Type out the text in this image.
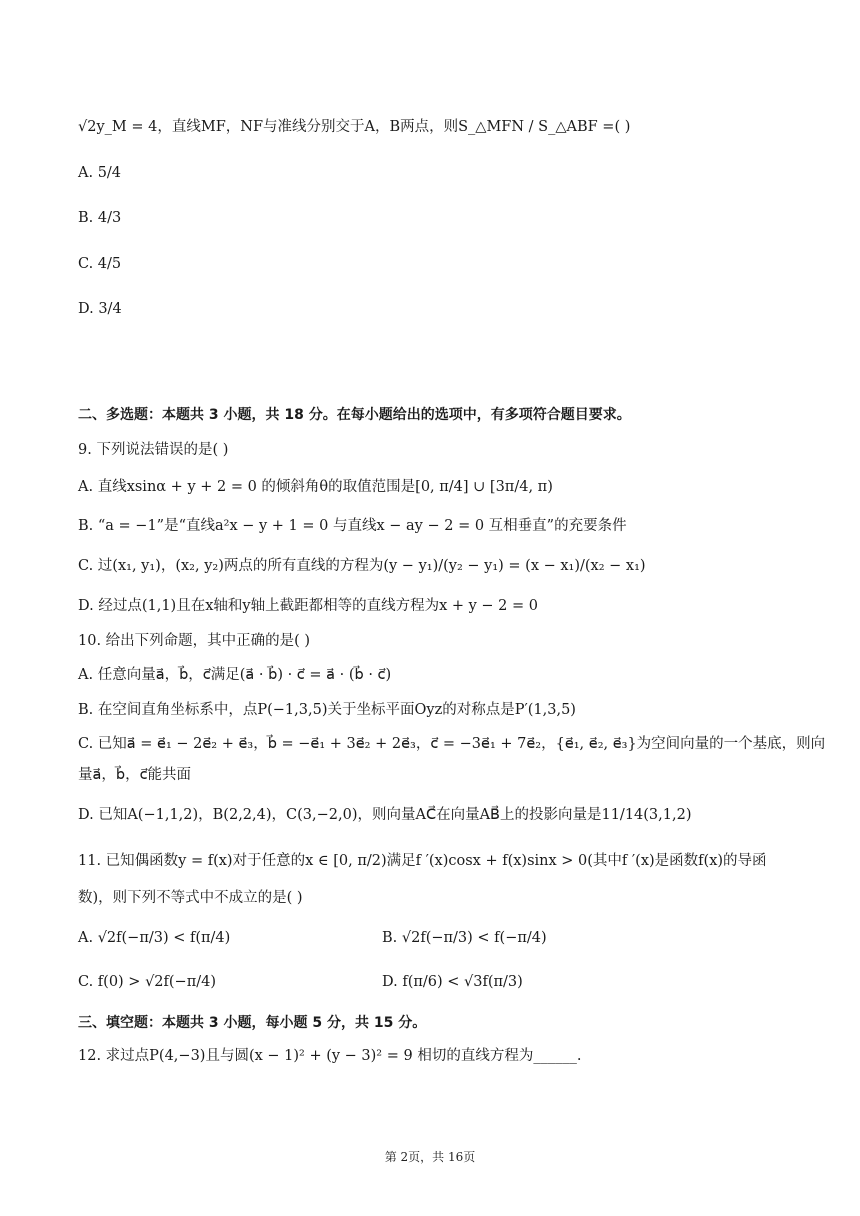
√2y_M = 4，直线MF，NF与准线分别交于A，B两点，则S_△MFN / S_△ABF =( )
A. 5/4
B. 4/3
C. 4/5
D. 3/4
二、多选题：本题共 3 小题，共 18 分。在每小题给出的选项中，有多项符合题目要求。
9. 下列说法错误的是( )
A. 直线xsinα + y + 2 = 0 的倾斜角θ的取值范围是[0, π/4] ∪ [3π/4, π)
B. “a = −1”是“直线a²x − y + 1 = 0 与直线x − ay − 2 = 0 互相垂直”的充要条件
C. 过(x₁, y₁)，(x₂, y₂)两点的所有直线的方程为(y − y₁)/(y₂ − y₁) = (x − x₁)/(x₂ − x₁)
D. 经过点(1,1)且在x轴和y轴上截距都相等的直线方程为x + y − 2 = 0
10. 给出下列命题，其中正确的是( )
A. 任意向量a⃗，b⃗，c⃗满足(a⃗ · b⃗) · c⃗ = a⃗ · (b⃗ · c⃗)
B. 在空间直角坐标系中，点P(−1,3,5)关于坐标平面Oyz的对称点是P′(1,3,5)
C. 已知a⃗ = e⃗₁ − 2e⃗₂ + e⃗₃，b⃗ = −e⃗₁ + 3e⃗₂ + 2e⃗₃，c⃗ = −3e⃗₁ + 7e⃗₂，{e⃗₁, e⃗₂, e⃗₃}为空间向量的一个基底，则向
量a⃗，b⃗，c⃗能共面
D. 已知A(−1,1,2)，B(2,2,4)，C(3,−2,0)，则向量AC⃗在向量AB⃗上的投影向量是11/14(3,1,2)
11. 已知偶函数y = f(x)对于任意的x ∈ [0, π/2)满足f ′(x)cosx + f(x)sinx > 0(其中f ′(x)是函数f(x)的导函
数)，则下列不等式中不成立的是( )
A. √2f(−π/3) < f(π/4)	B. √2f(−π/3) < f(−π/4)
C. f(0) > √2f(−π/4)	D. f(π/6) < √3f(π/3)
三、填空题：本题共 3 小题，每小题 5 分，共 15 分。
12. 求过点P(4,−3)且与圆(x − 1)² + (y − 3)² = 9 相切的直线方程为______.
第 2页，共 16页
